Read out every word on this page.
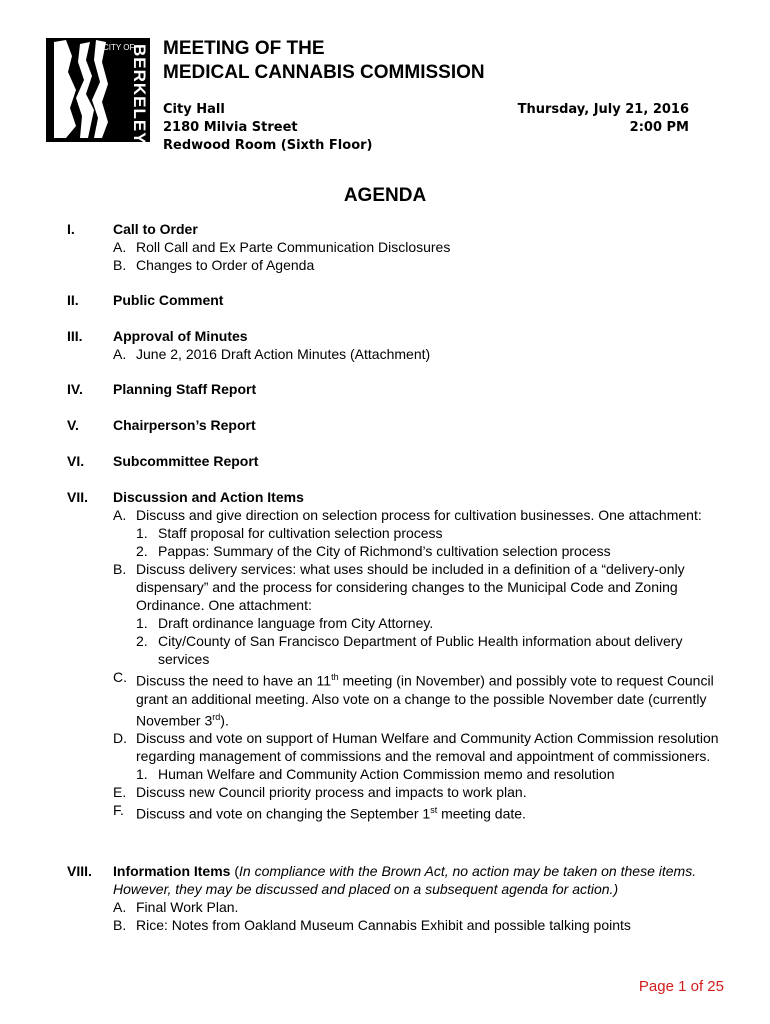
CITY OF
BERKELEY MEETING OF THE
MEDICAL CANNABIS COMMISSION
City Hall
2180 Milvia Street
Redwood Room (Sixth Floor)
Thursday, July 21, 2016
2:00 PM
AGENDA
I.	Call to Order
A. Roll Call and Ex Parte Communication Disclosures
B. Changes to Order of Agenda
II. Public Comment
III. Approval of Minutes
A. June 2, 2016 Draft Action Minutes (Attachment)
IV. Planning Staff Report
V. Chairperson’s Report
VI. Subcommittee Report
VII. Discussion and Action Items
A. Discuss and give direction on selection process for cultivation businesses. One attachment:
1. Staff proposal for cultivation selection process
2. Pappas: Summary of the City of Richmond’s cultivation selection process
B. Discuss delivery services: what uses should be included in a definition of a “delivery-only dispensary” and the process for considering changes to the Municipal Code and Zoning Ordinance. One attachment:
1. Draft ordinance language from City Attorney.
2. City/County of San Francisco Department of Public Health information about delivery services
C. Discuss the need to have an 11th meeting (in November) and possibly vote to request Council grant an additional meeting. Also vote on a change to the possible November date (currently November 3rd).
D. Discuss and vote on support of Human Welfare and Community Action Commission resolution regarding management of commissions and the removal and appointment of commissioners.
1. Human Welfare and Community Action Commission memo and resolution
E. Discuss new Council priority process and impacts to work plan.
F. Discuss and vote on changing the September 1st meeting date.
VIII. Information Items (In compliance with the Brown Act, no action may be taken on these items. However, they may be discussed and placed on a subsequent agenda for action.)
A. Final Work Plan.
B. Rice: Notes from Oakland Museum Cannabis Exhibit and possible talking points
Page 1 of 25
